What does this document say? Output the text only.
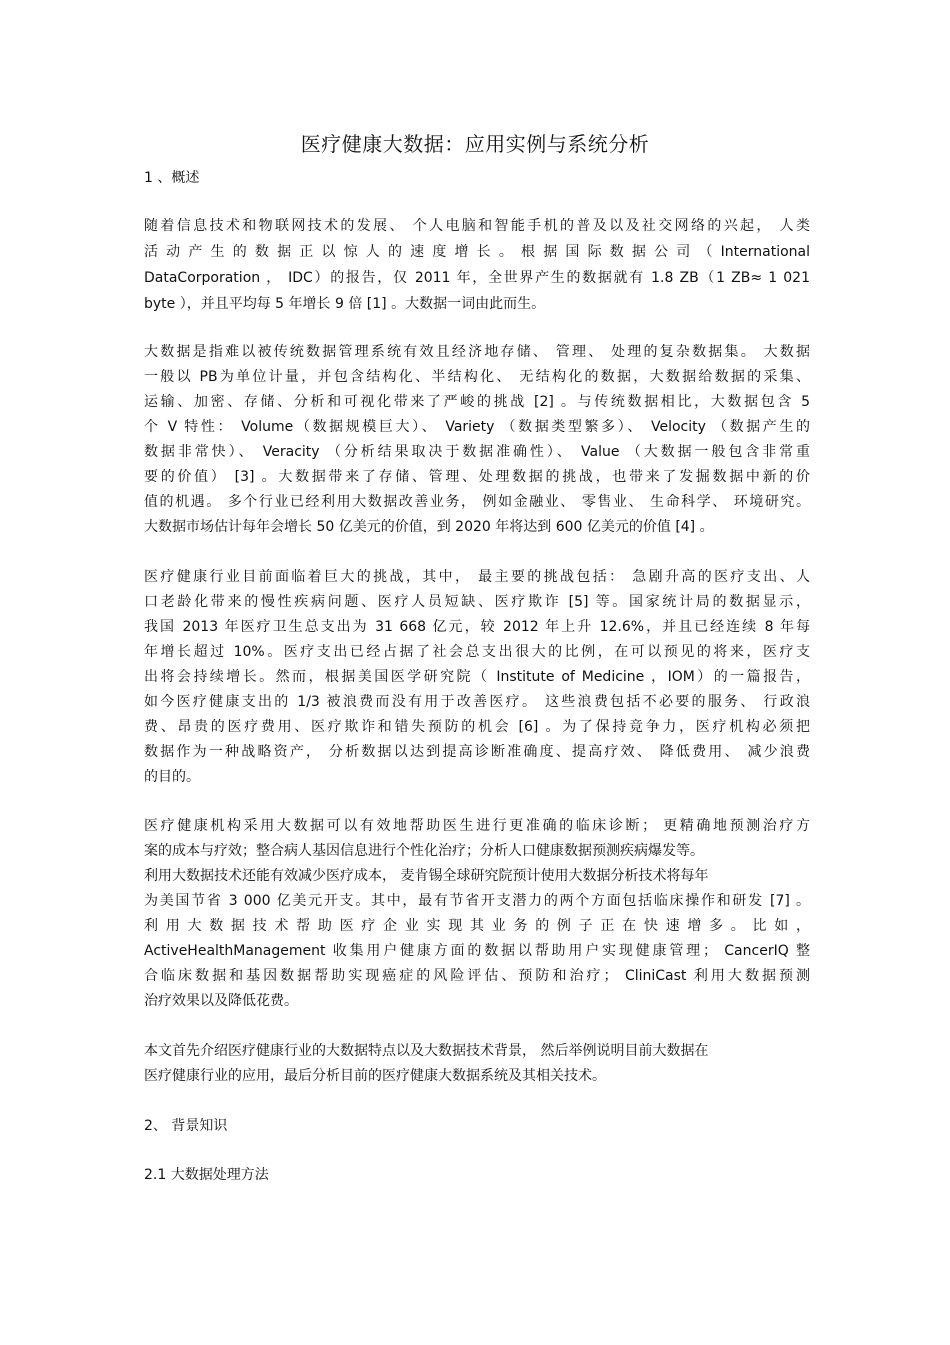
医疗健康大数据：应用实例与系统分析
1 、概述
随着信息技术和物联网技术的发展、 个人电脑和智能手机的普及以及社交网络的兴起， 人类
活 动 产 生 的 数 据 正 以 惊 人 的 速 度 增 长 。 根 据 国 际 数 据 公 司 （ International
DataCorporation ， IDC）的报告，仅 2011 年，全世界产生的数据就有 1.8 ZB（1 ZB≈ 1 021
byte ），并且平均每 5 年增长 9 倍 [1] 。大数据一词由此而生。
大数据是指难以被传统数据管理系统有效且经济地存储、 管理、 处理的复杂数据集。 大数据
一般以 PB为单位计量，并包含结构化、半结构化、 无结构化的数据，大数据给数据的采集、
运输、加密、存储、分析和可视化带来了严峻的挑战 [2] 。与传统数据相比，大数据包含 5
个 V 特性： Volume（数据规模巨大）、 Variety （数据类型繁多）、 Velocity （数据产生的
数据非常快）、 Veracity （分析结果取决于数据准确性）、 Value （大数据一般包含非常重
要的价值） [3] 。大数据带来了存储、管理、处理数据的挑战，也带来了发掘数据中新的价
值的机遇。 多个行业已经利用大数据改善业务， 例如金融业、 零售业、 生命科学、 环境研究。
大数据市场估计每年会增长 50 亿美元的价值，到 2020 年将达到 600 亿美元的价值 [4] 。
医疗健康行业目前面临着巨大的挑战，其中， 最主要的挑战包括： 急剧升高的医疗支出、人
口老龄化带来的慢性疾病问题、医疗人员短缺、医疗欺诈 [5] 等。国家统计局的数据显示，
我国 2013 年医疗卫生总支出为 31 668 亿元，较 2012 年上升 12.6%，并且已经连续 8 年每
年增长超过 10%。医疗支出已经占据了社会总支出很大的比例，在可以预见的将来，医疗支
出将会持续增长。然而，根据美国医学研究院（ Institute of Medicine ，IOM）的一篇报告，
如今医疗健康支出的 1/3 被浪费而没有用于改善医疗。 这些浪费包括不必要的服务、 行政浪
费、昂贵的医疗费用、医疗欺诈和错失预防的机会 [6] 。为了保持竞争力，医疗机构必须把
数据作为一种战略资产， 分析数据以达到提高诊断准确度、提高疗效、 降低费用、 减少浪费
的目的。
医疗健康机构采用大数据可以有效地帮助医生进行更准确的临床诊断； 更精确地预测治疗方
案的成本与疗效；整合病人基因信息进行个性化治疗；分析人口健康数据预测疾病爆发等。
利用大数据技术还能有效减少医疗成本， 麦肯锡全球研究院预计使用大数据分析技术将每年
为美国节省 3 000 亿美元开支。其中，最有节省开支潜力的两个方面包括临床操作和研发 [7] 。
利 用 大 数 据 技 术 帮 助 医 疗 企 业 实 现 其 业 务 的 例 子 正 在 快 速 增 多 。 比 如 ，
ActiveHealthManagement 收集用户健康方面的数据以帮助用户实现健康管理； CancerIQ 整
合临床数据和基因数据帮助实现癌症的风险评估、预防和治疗； CliniCast 利用大数据预测
治疗效果以及降低花费。
本文首先介绍医疗健康行业的大数据特点以及大数据技术背景， 然后举例说明目前大数据在
医疗健康行业的应用，最后分析目前的医疗健康大数据系统及其相关技术。
2、 背景知识
2.1 大数据处理方法
